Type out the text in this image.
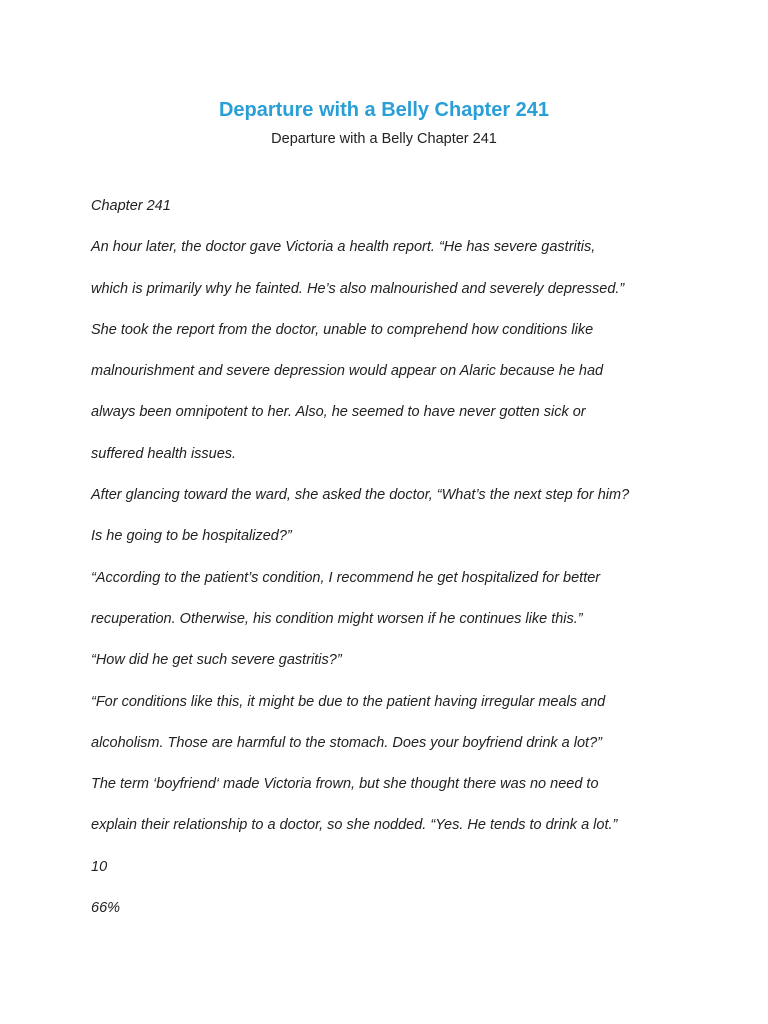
Departure with a Belly Chapter 241
Departure with a Belly Chapter 241
Chapter 241
An hour later, the doctor gave Victoria a health report. “He has severe gastritis,
which is primarily why he fainted. He’s also malnourished and severely depressed.”
She took the report from the doctor, unable to comprehend how conditions like
malnourishment and severe depression would appear on Alaric because he had
always been omnipotent to her. Also, he seemed to have never gotten sick or
suffered health issues.
After glancing toward the ward, she asked the doctor, “What’s the next step for him?
Is he going to be hospitalized?”
“According to the patient’s condition, I recommend he get hospitalized for better
recuperation. Otherwise, his condition might worsen if he continues like this.”
“How did he get such severe gastritis?”
“For conditions like this, it might be due to the patient having irregular meals and
alcoholism. Those are harmful to the stomach. Does your boyfriend drink a lot?”
The term ‘boyfriend‘ made Victoria frown, but she thought there was no need to
explain their relationship to a doctor, so she nodded. “Yes. He tends to drink a lot.”
10
66%
